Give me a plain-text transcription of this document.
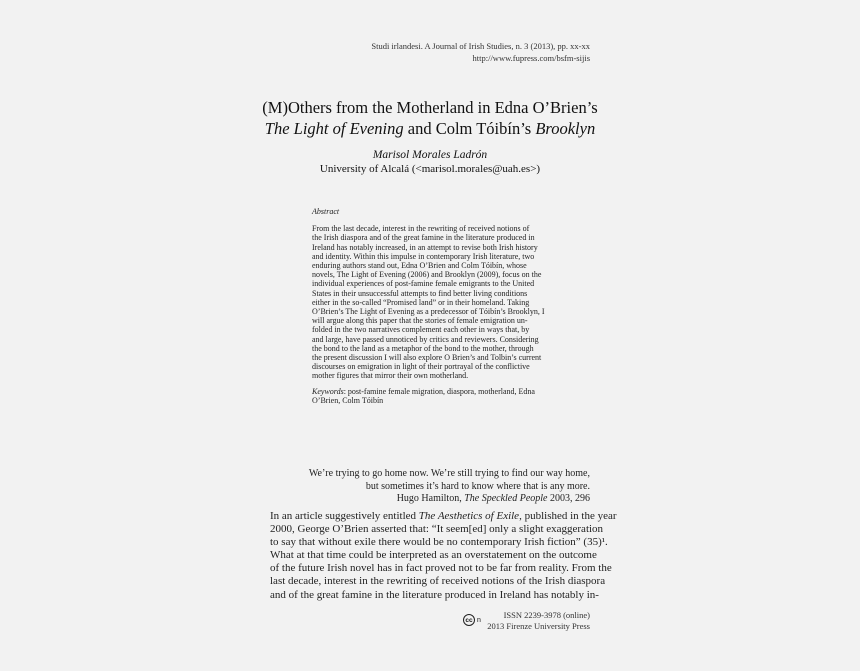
Studi irlandesi. A Journal of Irish Studies, n. 3 (2013), pp. xx-xx
http://www.fupress.com/bsfm-sijis
(M)Others from the Motherland in Edna O’Brien’s
The Light of Evening and Colm Tóibín’s Brooklyn
Marisol Morales Ladrón
University of Alcalá (<marisol.morales@uah.es>)
Abstract
From the last decade, interest in the rewriting of received notions of
the Irish diaspora and of the great famine in the literature produced in
Ireland has notably increased, in an attempt to revise both Irish history
and identity. Within this impulse in contemporary Irish literature, two
enduring authors stand out, Edna O’Brien and Colm Tóibín, whose
novels, The Light of Evening (2006) and Brooklyn (2009), focus on the
individual experiences of post-famine female emigrants to the United
States in their unsuccessful attempts to find better living conditions
either in the so-called “Promised land” or in their homeland. Taking
O’Brien’s The Light of Evening as a predecessor of Tóibín’s Brooklyn, I
will argue along this paper that the stories of female emigration un-
folded in the two narratives complement each other in ways that, by
and large, have passed unnoticed by critics and reviewers. Considering
the bond to the land as a metaphor of the bond to the mother, through
the present discussion I will also explore O Brien’s and Tolbin’s current
discourses on emigration in light of their portrayal of the conflictive
mother figures that mirror their own motherland.
Keywords: post-famine female migration, diaspora, motherland, Edna
O’Brien, Colm Tóibín
We’re trying to go home now. We’re still trying to find our way home,
but sometimes it’s hard to know where that is any more.
Hugo Hamilton, The Speckled People 2003, 296
In an article suggestively entitled The Aesthetics of Exile, published in the year
2000, George O’Brien asserted that: “It seem[ed] only a slight exaggeration
to say that without exile there would be no contemporary Irish fiction” (35)¹.
What at that time could be interpreted as an overstatement on the outcome
of the future Irish novel has in fact proved not to be far from reality. From the
last decade, interest in the rewriting of received notions of the Irish diaspora
and of the great famine in the literature produced in Ireland has notably in-
cc n	ISSN 2239-3978 (online)
2013 Firenze University Press
